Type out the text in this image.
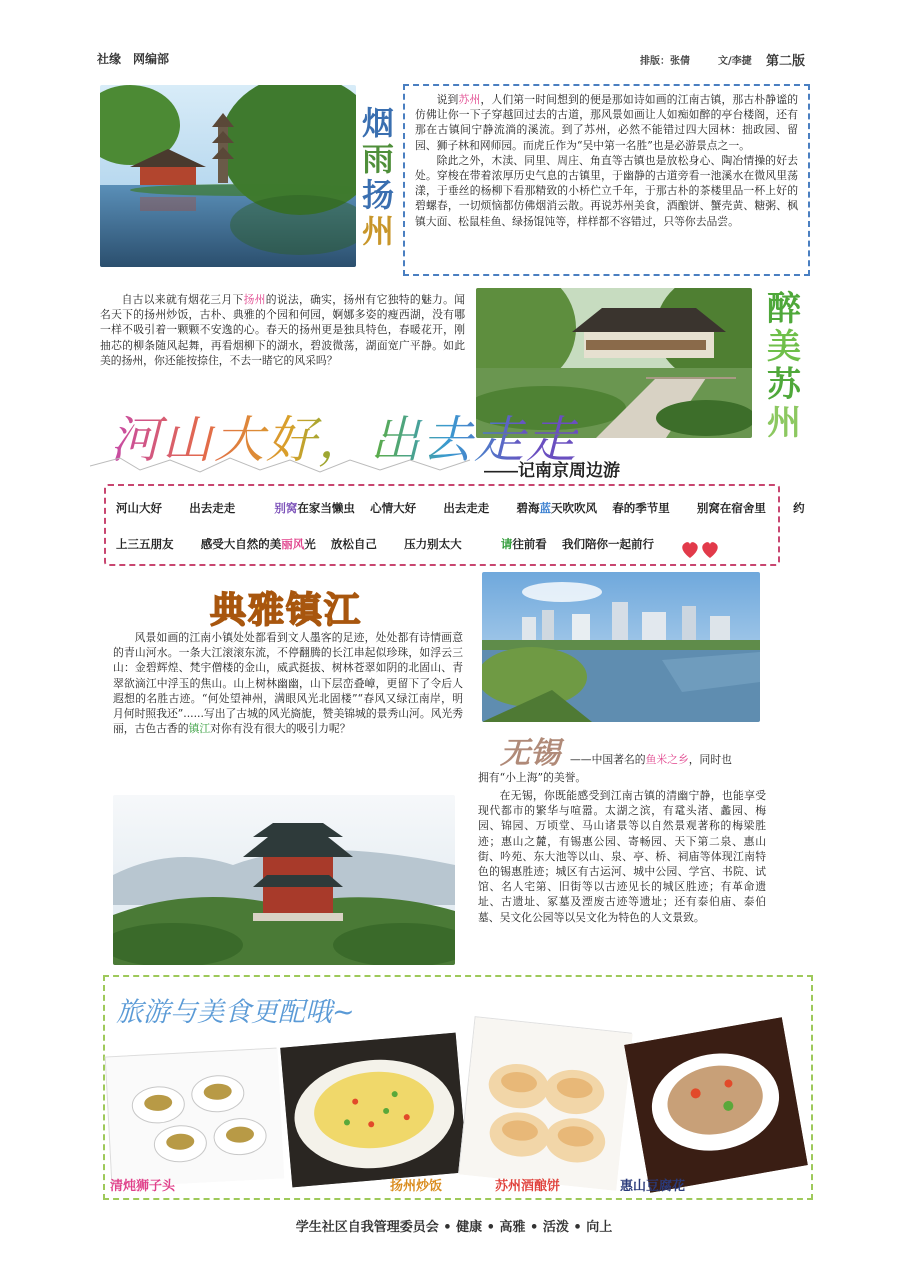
社缘　网编部	排版：张倩	文/李捷 第二版
烟
雨
扬
州

说到苏州，人们第一时间想到的便是那如诗如画的江南古镇，那古朴静谧的仿佛让你一下子穿越回过去的古道，那风景如画让人如痴如醉的亭台楼阁，还有那在古镇间宁静流淌的溪流。到了苏州，必然不能错过四大园林：拙政园、留园、狮子林和网师园。而虎丘作为“吴中第一名胜”也是必游景点之一。

除此之外，木渎、同里、周庄、角直等古镇也是放松身心、陶冶情操的好去处。穿梭在带着浓厚历史气息的古镇里，于幽静的古道旁看一池溪水在微风里荡漾，于垂丝的杨柳下看那精致的小桥伫立千年，于那古朴的茶楼里品一杯上好的碧螺春，一切烦恼都仿佛烟消云散。再说苏州美食，酒酿饼、蟹壳黄、糖粥、枫镇大面、松鼠桂鱼、绿扬馄饨等，样样都不容错过，只等你去品尝。

自古以来就有烟花三月下扬州的说法，确实，扬州有它独特的魅力。闻名天下的扬州炒饭，古朴、典雅的个园和何园，婀娜多姿的瘦西湖，没有哪一样不吸引着一颗颗不安逸的心。春天的扬州更是独具特色，春暖花开，刚抽芯的柳条随风起舞，再看烟柳下的湖水，碧波微荡，湖面宽广平静。如此美的扬州，你还能按捺住，不去一睹它的风采吗？

醉
美
苏
州
河山大好，出去走走
——记南京周边游
河山大好 出去走走	别窝在家当懒虫 心情大好 出去走走 碧海蓝天吹吹风 春的季节里 别窝在宿舍里 约
上三五朋友 感受大自然的美丽风光 放松自己 压力别太大	请往前看 我们陪你一起前行
典雅镇江

风景如画的江南小镇处处都看到文人墨客的足迹，处处都有诗情画意的青山河水。一条大江滚滚东流，不停翻腾的长江串起似珍珠，如浮云三山：金碧辉煌、梵宇僧楼的金山，威武挺拔、树林苍翠如阴的北固山、青翠欲滴江中浮玉的焦山。山上树林幽幽，山下层峦叠嶂，更留下了令后人遐想的名胜古迹。“何处望神州，满眼风光北固楼”“春风又绿江南岸，明月何时照我还”......写出了古城的风光旖旎，赞美锦城的景秀山河。风光秀丽，古色古香的镇江对你有没有很大的吸引力呢？

无锡 ——中国著名的鱼米之乡，同时也
拥有“小上海”的美誉。

在无锡，你既能感受到江南古镇的清幽宁静，也能享受现代都市的繁华与喧嚣。太湖之滨，有鼋头渚、蠡园、梅园、锦园、万顷堂、马山诸景等以自然景观著称的梅梁胜迹；惠山之麓，有锡惠公园、寄畅园、天下第二泉、惠山街、吟苑、东大池等以山、泉、亭、桥、祠庙等体现江南特色的锡惠胜迹；城区有古运河、城中公园、学宫、书院、试馆、名人宅第、旧街等以古迹见长的城区胜迹；有革命遗址、古遗址、冢墓及湮废古迹等遗址；还有泰伯庙、泰伯墓、吴文化公园等以吴文化为特色的人文景致。

旅游与美食更配哦~
清炖狮子头	扬州炒饭	苏州酒酿饼	惠山豆腐花
学生社区自我管理委员会 • 健康 • 高雅 • 活泼 • 向上
